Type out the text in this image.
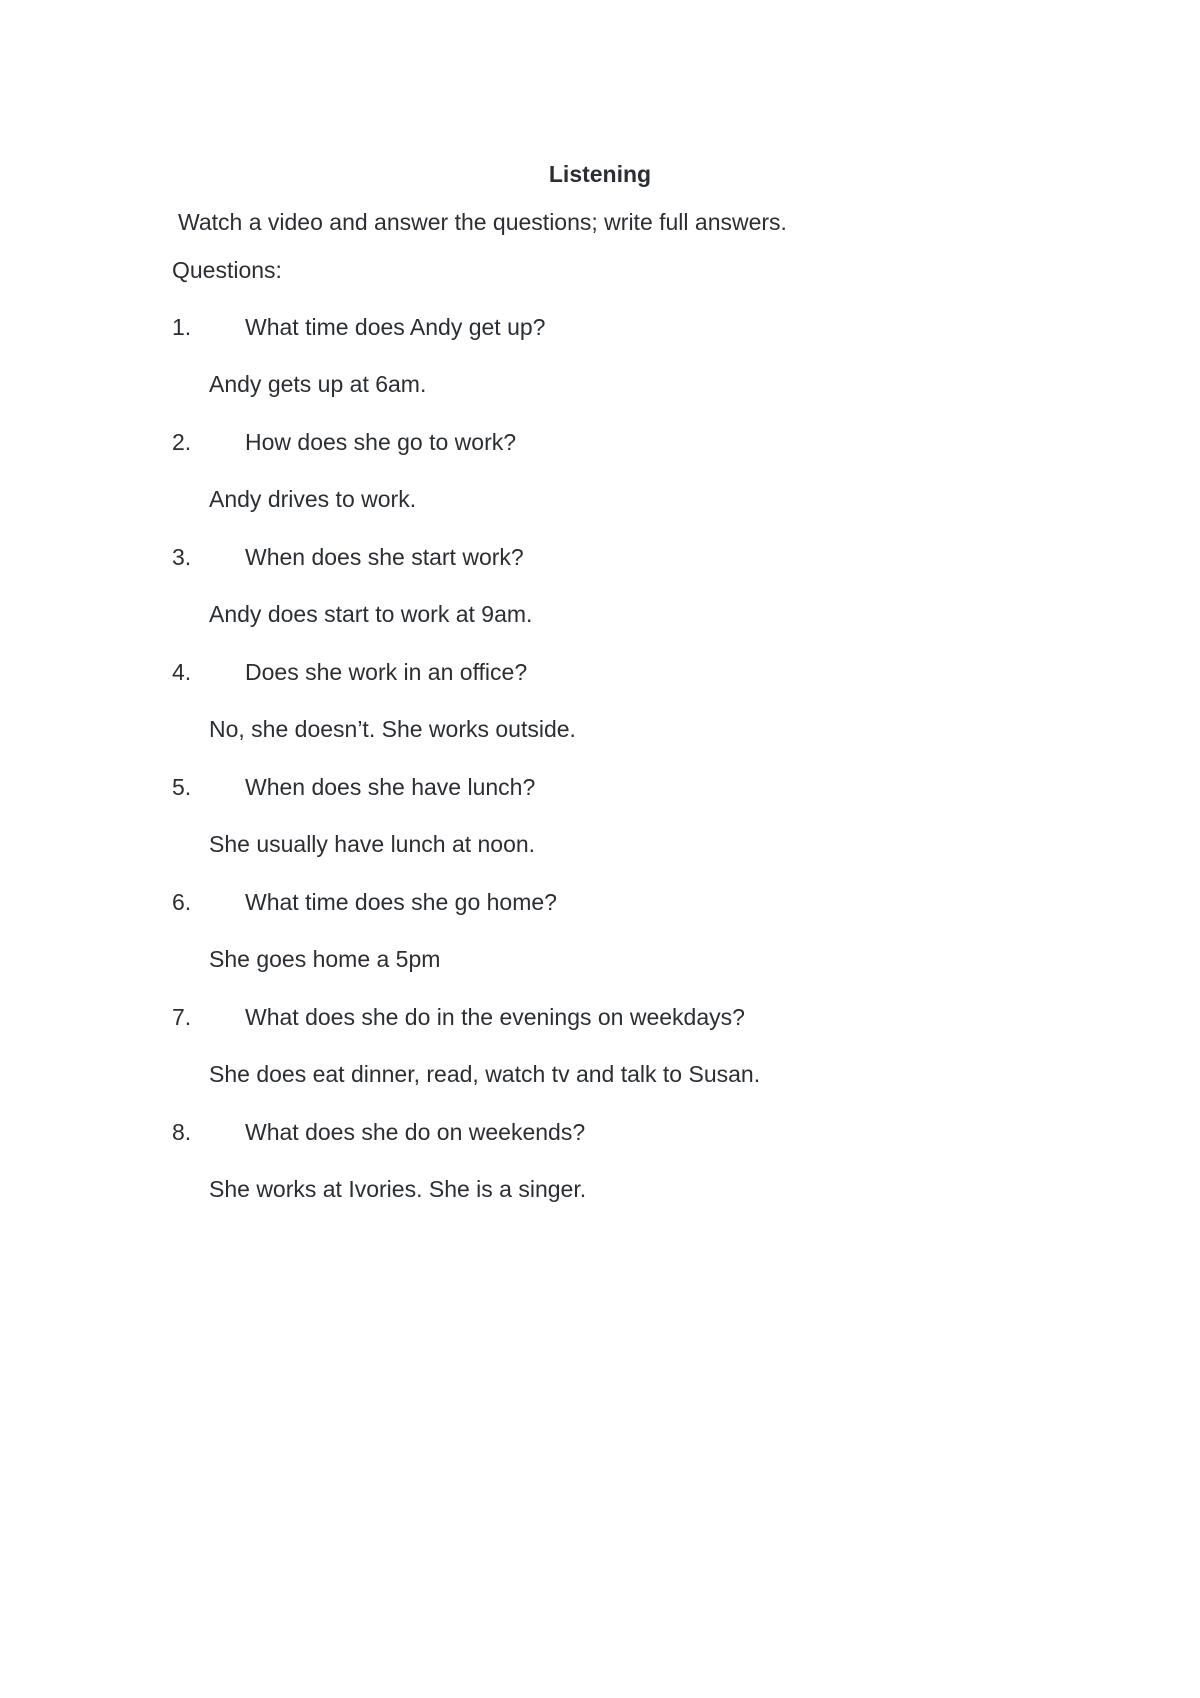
Listening
Watch a video and answer the questions; write full answers.
Questions:
1. What time does Andy get up?
Andy gets up at 6am.
2. How does she go to work?
Andy drives to work.
3. When does she start work?
Andy does start to work at 9am.
4. Does she work in an office?
No, she doesn’t. She works outside.
5. When does she have lunch?
She usually have lunch at noon.
6. What time does she go home?
She goes home a 5pm
7. What does she do in the evenings on weekdays?
She does eat dinner, read, watch tv and talk to Susan.
8. What does she do on weekends?
She works at Ivories. She is a singer.
